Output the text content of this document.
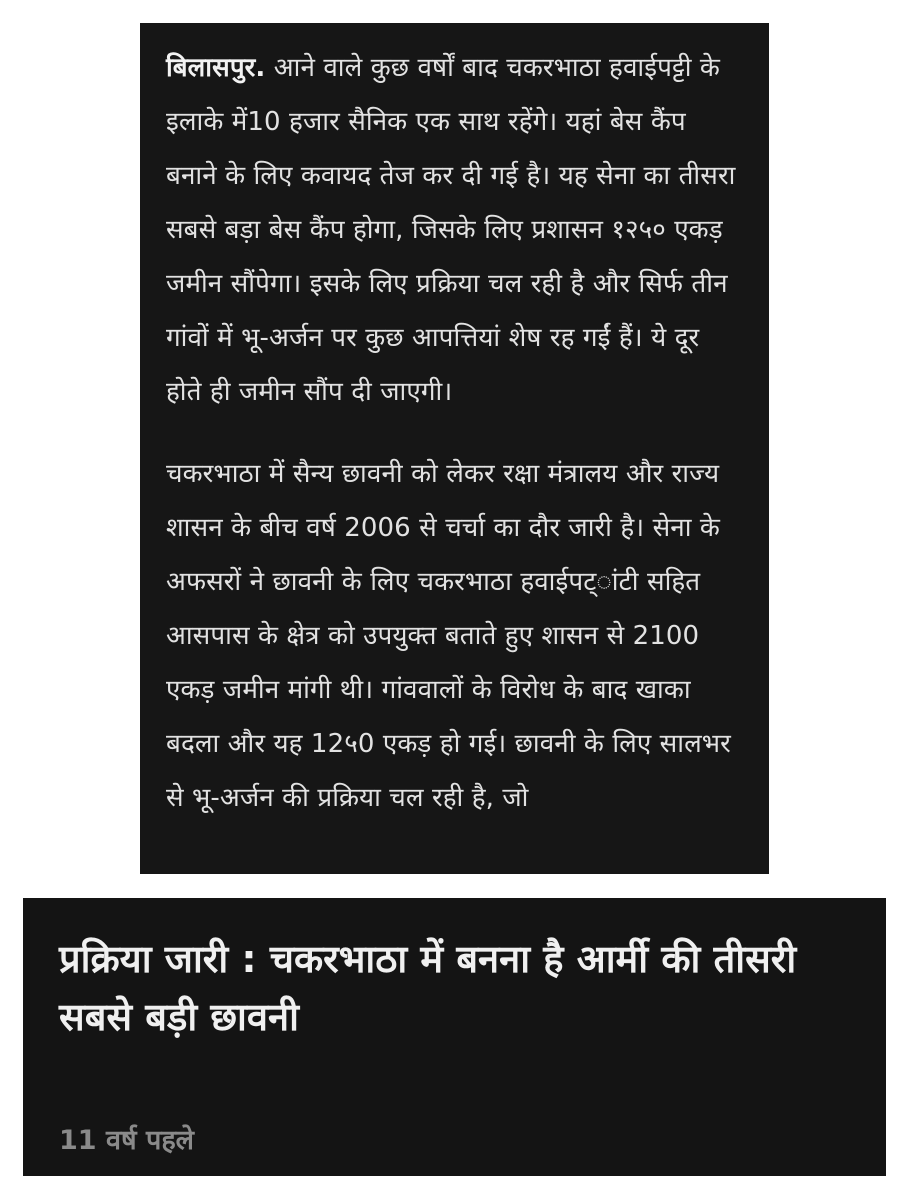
बिलासपुर. आने वाले कुछ वर्षों बाद चकरभाठा हवाईपट्टी के इलाके में10 हजार सैनिक एक साथ रहेंगे। यहां बेस कैंप बनाने के लिए कवायद तेज कर दी गई है। यह सेना का तीसरा सबसे बड़ा बेस कैंप होगा, जिसके लिए प्रशासन १२५० एकड़ जमीन सौंपेगा। इसके लिए प्रक्रिया चल रही है और सिर्फ तीन गांवों में भू-अर्जन पर कुछ आपत्तियां शेष रह गईं हैं। ये दूर होते ही जमीन सौंप दी जाएगी।

चकरभाठा में सैन्य छावनी को लेकर रक्षा मंत्रालय और राज्य शासन के बीच वर्ष 2006 से चर्चा का दौर जारी है। सेना के अफसरों ने छावनी के लिए चकरभाठा हवाईपट्ांटी सहित आसपास के क्षेत्र को उपयुक्त बताते हुए शासन से 2100 एकड़ जमीन मांगी थी। गांववालों के विरोध के बाद खाका बदला और यह 12५0 एकड़ हो गई। छावनी के लिए सालभर से भू-अर्जन की प्रक्रिया चल रही है, जो

प्रक्रिया जारी : चकरभाठा में बनना है आर्मी की तीसरी सबसे बड़ी छावनी
11 वर्ष पहले
